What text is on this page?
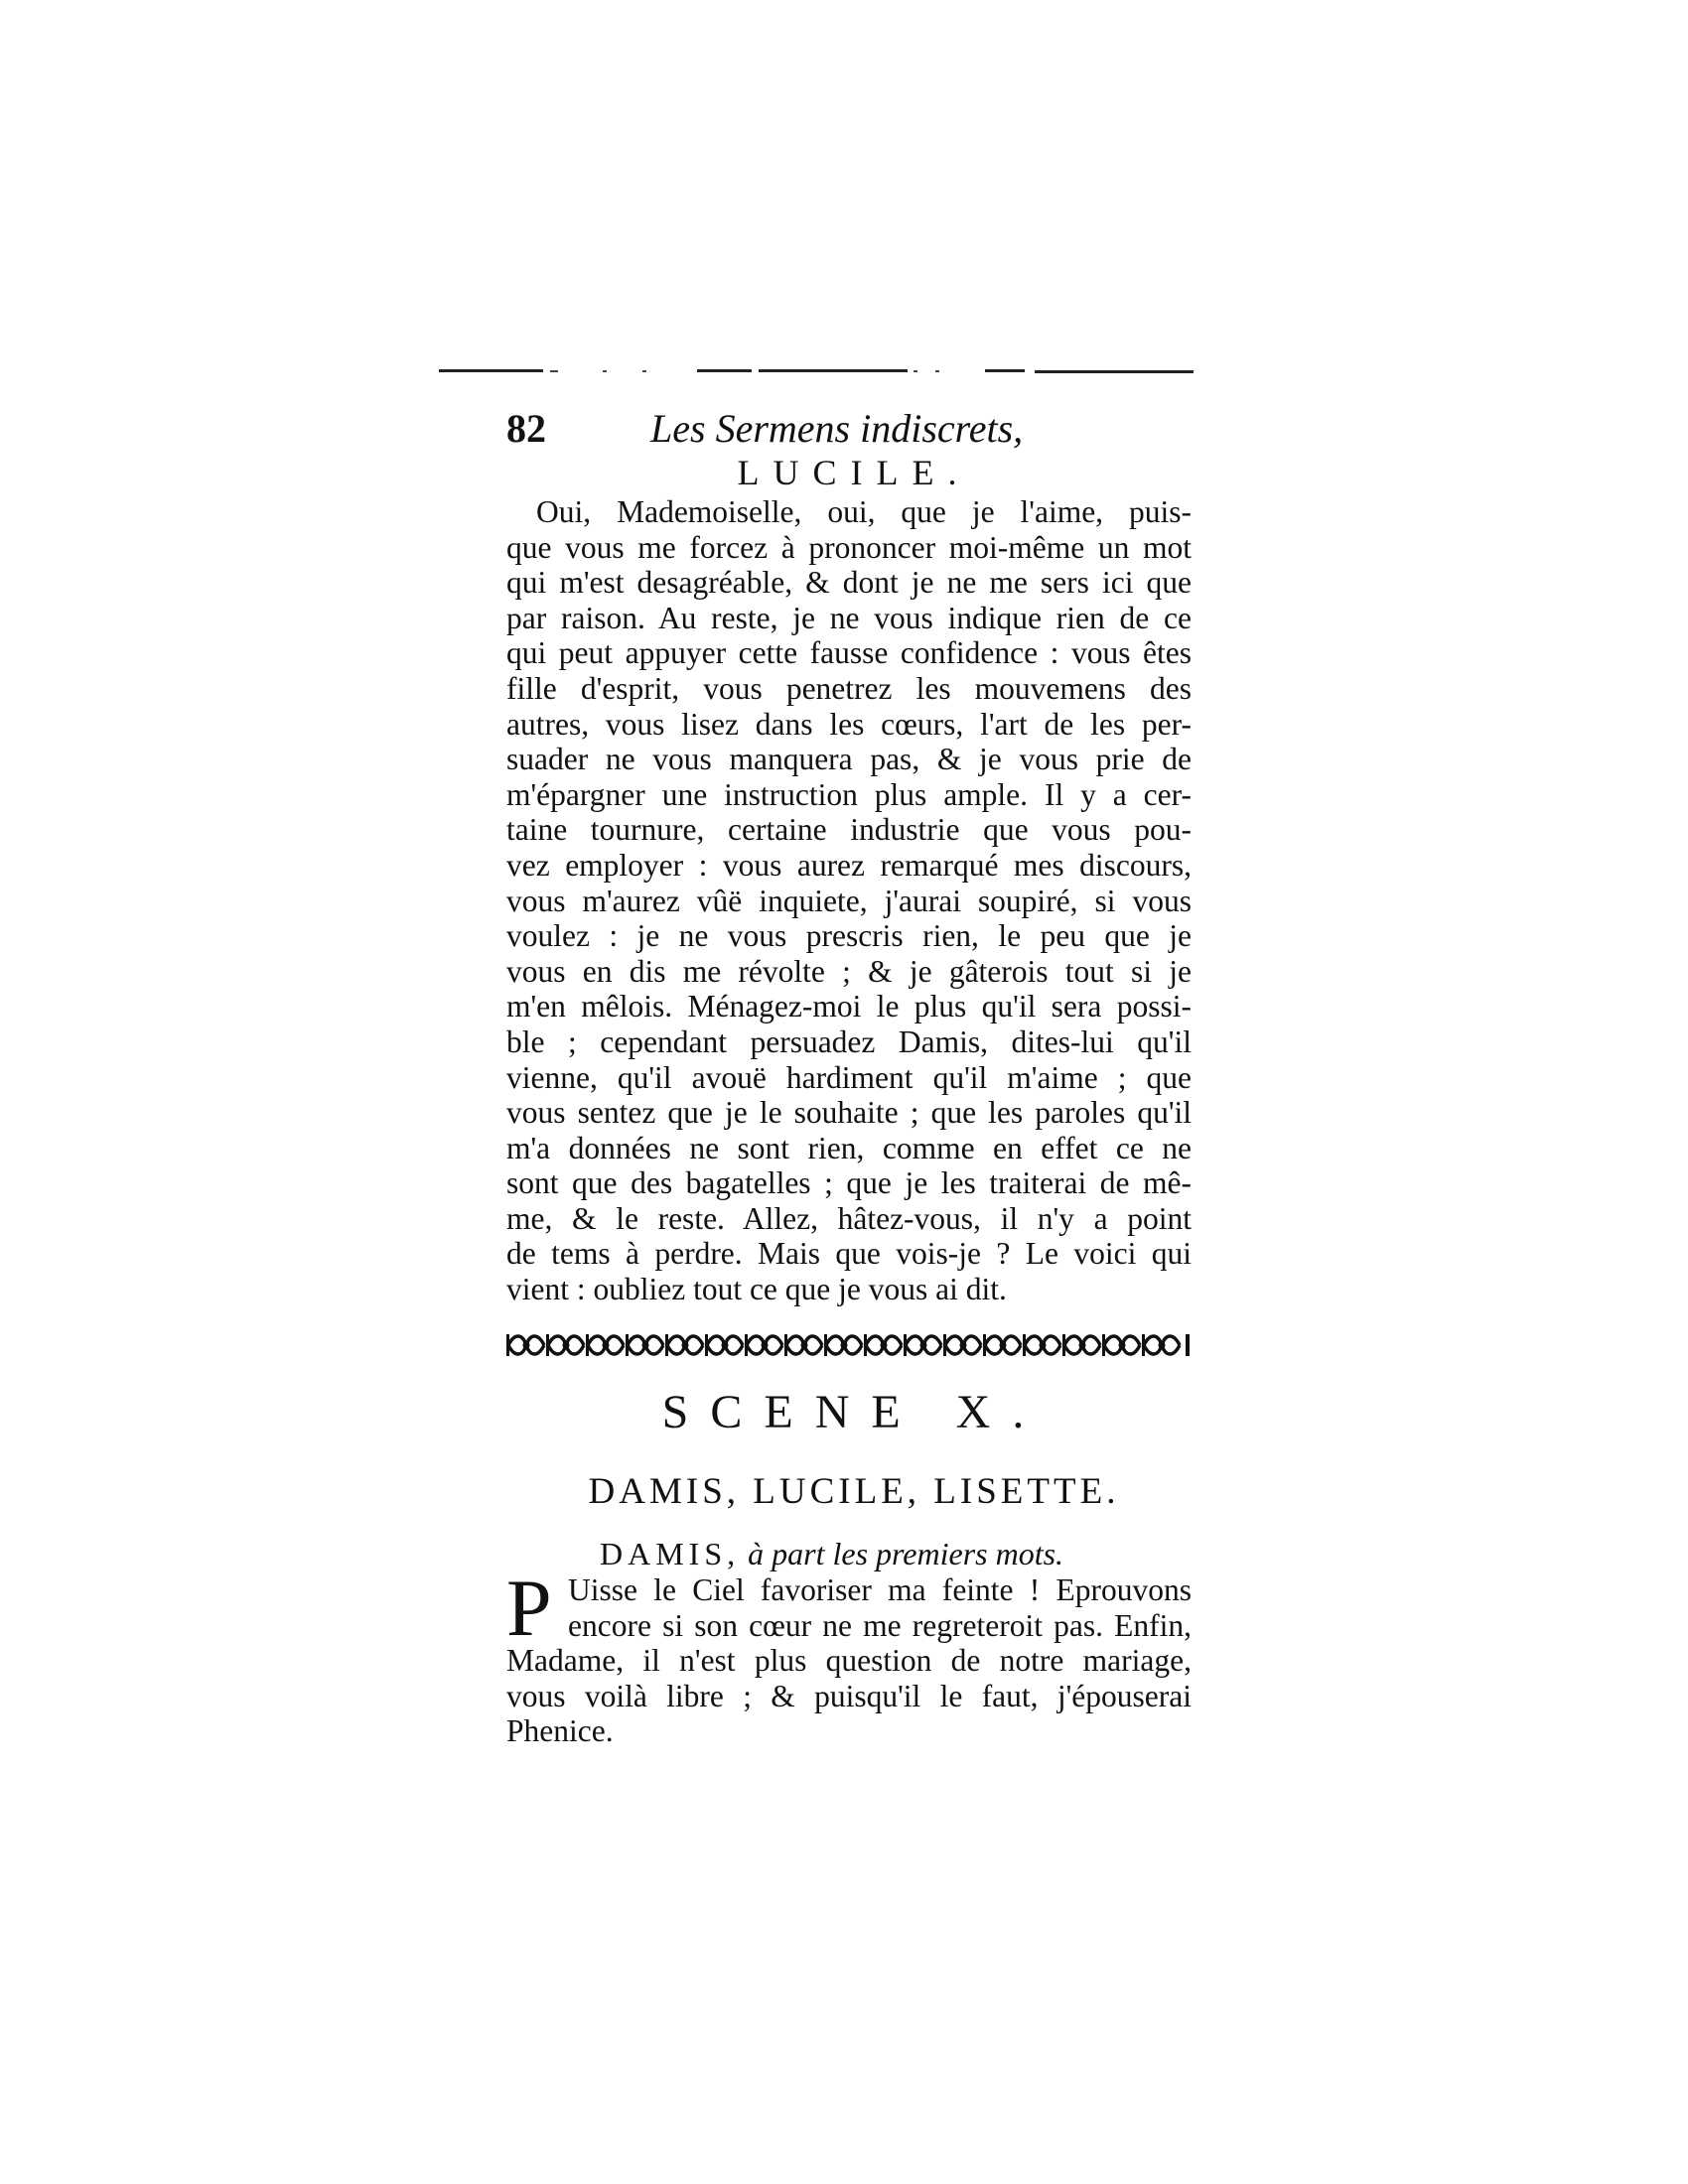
82	Les Sermens indiscrets,
LUCILE.
Oui, Mademoiselle, oui, que je l'aime, puis-
que vous me forcez à prononcer moi-même un mot
qui m'est desagréable, & dont je ne me sers ici que
par raison. Au reste, je ne vous indique rien de ce
qui peut appuyer cette fausse confidence : vous êtes
fille d'esprit, vous penetrez les mouvemens des
autres, vous lisez dans les cœurs, l'art de les per-
suader ne vous manquera pas, & je vous prie de
m'épargner une instruction plus ample. Il y a cer-
taine tournure, certaine industrie que vous pou-
vez employer : vous aurez remarqué mes discours,
vous m'aurez vûë inquiete, j'aurai soupiré, si vous
voulez : je ne vous prescris rien, le peu que je
vous en dis me révolte ; & je gâterois tout si je
m'en mêlois. Ménagez-moi le plus qu'il sera possi-
ble ; cependant persuadez Damis, dites-lui qu'il
vienne, qu'il avouë hardiment qu'il m'aime ; que
vous sentez que je le souhaite ; que les paroles qu'il
m'a données ne sont rien, comme en effet ce ne
sont que des bagatelles ; que je les traiterai de mê-
me, & le reste. Allez, hâtez-vous, il n'y a point
de tems à perdre. Mais que vois-je ? Le voici qui
vient : oubliez tout ce que je vous ai dit.
SCENE X.
DAMIS, LUCILE, LISETTE.
DAMIS, à part les premiers mots.
P Uisse le Ciel favoriser ma feinte ! Eprouvons
encore si son cœur ne me regreteroit pas. Enfin,
Madame, il n'est plus question de notre mariage,
vous voilà libre ; & puisqu'il le faut, j'épouserai
Phenice.
